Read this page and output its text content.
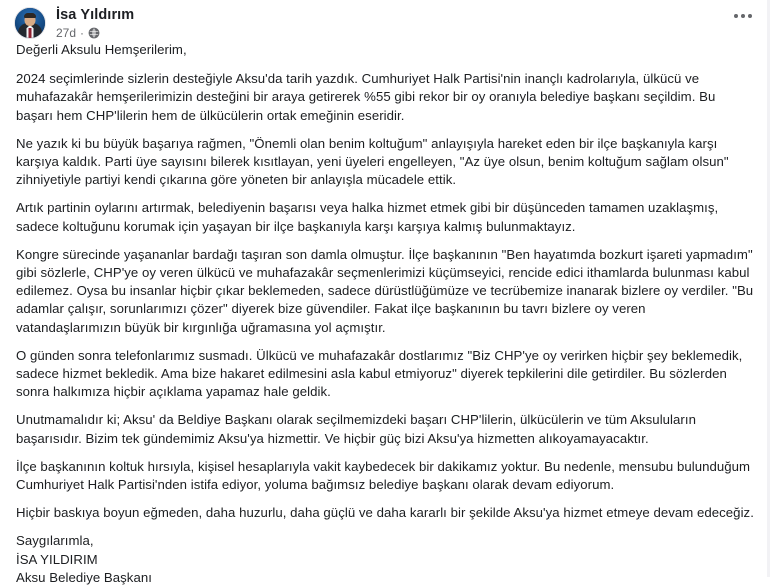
İsa Yıldırım
27d ·

Değerli Aksulu Hemşerilerim,

2024 seçimlerinde sizlerin desteğiyle Aksu'da tarih yazdık. Cumhuriyet Halk Partisi'nin inançlı kadrolarıyla, ülkücü ve muhafazakâr hemşerilerimizin desteğini bir araya getirerek %55 gibi rekor bir oy oranıyla belediye başkanı seçildim. Bu başarı hem CHP'lilerin hem de ülkücülerin ortak emeğinin eseridir.

Ne yazık ki bu büyük başarıya rağmen, "Önemli olan benim koltuğum" anlayışıyla hareket eden bir ilçe başkanıyla karşı karşıya kaldık. Parti üye sayısını bilerek kısıtlayan, yeni üyeleri engelleyen, "Az üye olsun, benim koltuğum sağlam olsun" zihniyetiyle partiyi kendi çıkarına göre yöneten bir anlayışla mücadele ettik.

Artık partinin oylarını artırmak, belediyenin başarısı veya halka hizmet etmek gibi bir düşünceden tamamen uzaklaşmış, sadece koltuğunu korumak için yaşayan bir ilçe başkanıyla karşı karşıya kalmış bulunmaktayız.

Kongre sürecinde yaşananlar bardağı taşıran son damla olmuştur. İlçe başkanının "Ben hayatımda bozkurt işareti yapmadım" gibi sözlerle, CHP'ye oy veren ülkücü ve muhafazakâr seçmenlerimizi küçümseyici, rencide edici ithamlarda bulunması kabul edilemez. Oysa bu insanlar hiçbir çıkar beklemeden, sadece dürüstlüğümüze ve tecrübemize inanarak bizlere oy verdiler. "Bu adamlar çalışır, sorunlarımızı çözer" diyerek bize güvendiler. Fakat ilçe başkanının bu tavrı bizlere oy veren vatandaşlarımızın büyük bir kırgınlığa uğramasına yol açmıştır.

O günden sonra telefonlarımız susmadı. Ülkücü ve muhafazakâr dostlarımız "Biz CHP'ye oy verirken hiçbir şey beklemedik, sadece hizmet bekledik. Ama bize hakaret edilmesini asla kabul etmiyoruz" diyerek tepkilerini dile getirdiler. Bu sözlerden sonra halkımıza hiçbir açıklama yapamaz hale geldik.

Unutmamalıdır ki; Aksu' da Beldiye Başkanı olarak seçilmemizdeki başarı CHP'lilerin, ülkücülerin ve tüm Aksuluların başarısıdır. Bizim tek gündemimiz Aksu'ya hizmettir. Ve hiçbir güç bizi Aksu'ya hizmetten alıkoyamayacaktır.

İlçe başkanının koltuk hırsıyla, kişisel hesaplarıyla vakit kaybedecek bir dakikamız yoktur. Bu nedenle, mensubu bulunduğum Cumhuriyet Halk Partisi'nden istifa ediyor, yoluma bağımsız belediye başkanı olarak devam ediyorum.

Hiçbir baskıya boyun eğmeden, daha huzurlu, daha güçlü ve daha kararlı bir şekilde Aksu'ya hizmet etmeye devam edeceğiz.

Saygılarımla,
İSA YILDIRIM
Aksu Belediye Başkanı
